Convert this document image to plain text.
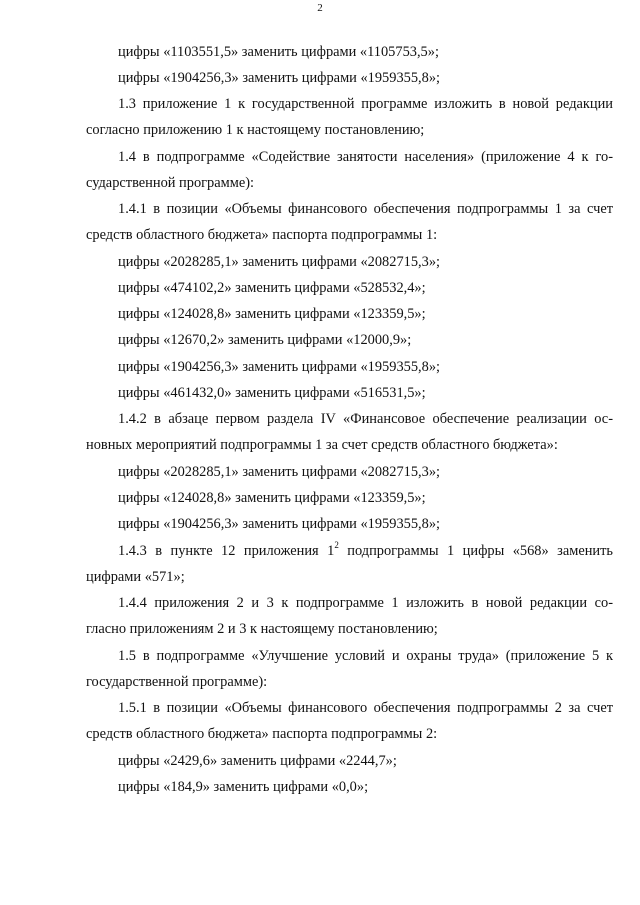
2
цифры «1103551,5» заменить цифрами «1105753,5»;
цифры «1904256,3» заменить цифрами «1959355,8»;
1.3 приложение 1 к государственной программе изложить в новой редакции
согласно приложению 1 к настоящему постановлению;
1.4 в подпрограмме «Содействие занятости населения» (приложение 4 к го-
сударственной программе):
1.4.1 в позиции «Объемы финансового обеспечения подпрограммы 1 за счет
средств областного бюджета» паспорта подпрограммы 1:
цифры «2028285,1» заменить цифрами «2082715,3»;
цифры «474102,2» заменить цифрами «528532,4»;
цифры «124028,8» заменить цифрами «123359,5»;
цифры «12670,2» заменить цифрами «12000,9»;
цифры «1904256,3» заменить цифрами «1959355,8»;
цифры «461432,0» заменить цифрами «516531,5»;
1.4.2 в абзаце первом раздела IV «Финансовое обеспечение реализации ос-
новных мероприятий подпрограммы 1 за счет средств областного бюджета»:
цифры «2028285,1» заменить цифрами «2082715,3»;
цифры «124028,8» заменить цифрами «123359,5»;
цифры «1904256,3» заменить цифрами «1959355,8»;
1.4.3 в пункте 12 приложения $1^2$ подпрограммы 1 цифры «568» заменить
цифрами «571»;
1.4.4 приложения 2 и 3 к подпрограмме 1 изложить в новой редакции со-
гласно приложениям 2 и 3 к настоящему постановлению;
1.5 в подпрограмме «Улучшение условий и охраны труда» (приложение 5 к
государственной программе):
1.5.1 в позиции «Объемы финансового обеспечения подпрограммы 2 за счет
средств областного бюджета» паспорта подпрограммы 2:
цифры «2429,6» заменить цифрами «2244,7»;
цифры «184,9» заменить цифрами «0,0»;
